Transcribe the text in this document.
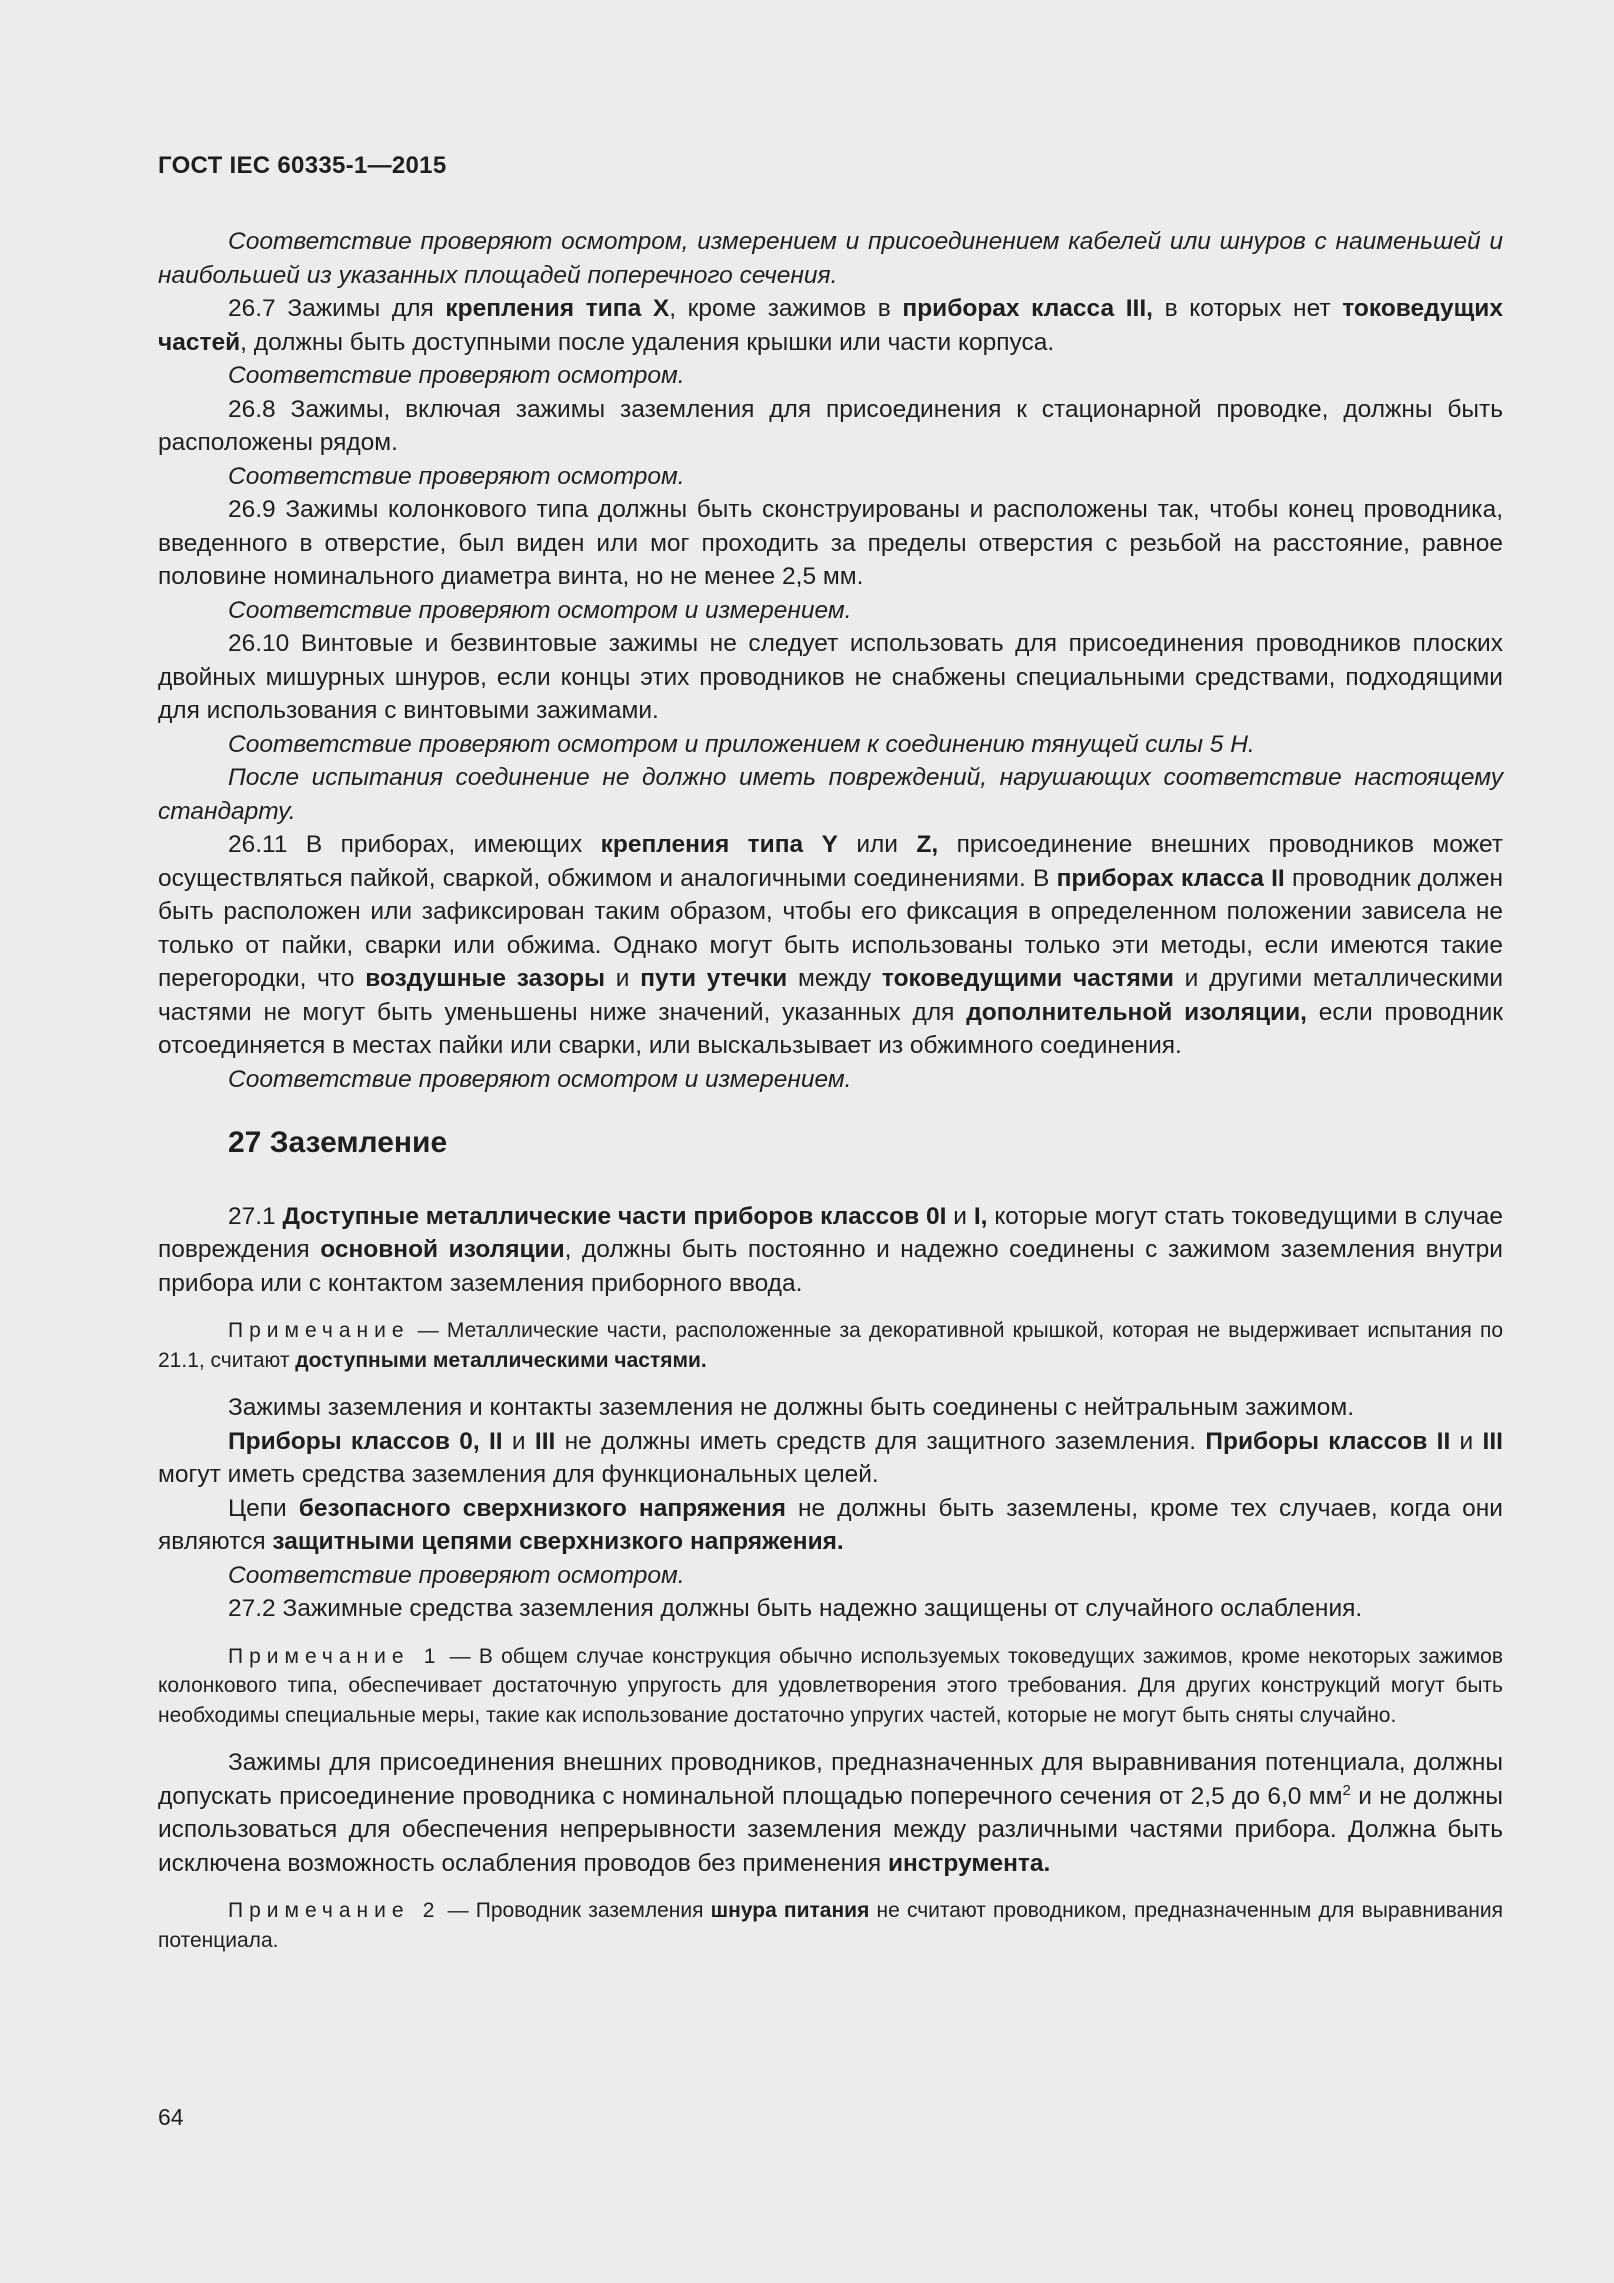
ГОСТ IEC 60335-1—2015

Соответствие проверяют осмотром, измерением и присоединением кабелей или шнуров с наименьшей и наибольшей из указанных площадей поперечного сечения.

26.7 Зажимы для крепления типа X, кроме зажимов в приборах класса III, в которых нет токоведущих частей, должны быть доступными после удаления крышки или части корпуса.

Соответствие проверяют осмотром.

26.8 Зажимы, включая зажимы заземления для присоединения к стационарной проводке, должны быть расположены рядом.

Соответствие проверяют осмотром.

26.9 Зажимы колонкового типа должны быть сконструированы и расположены так, чтобы конец проводника, введенного в отверстие, был виден или мог проходить за пределы отверстия с резьбой на расстояние, равное половине номинального диаметра винта, но не менее 2,5 мм.

Соответствие проверяют осмотром и измерением.

26.10 Винтовые и безвинтовые зажимы не следует использовать для присоединения проводников плоских двойных мишурных шнуров, если концы этих проводников не снабжены специальными средствами, подходящими для использования с винтовыми зажимами.

Соответствие проверяют осмотром и приложением к соединению тянущей силы 5 Н.

После испытания соединение не должно иметь повреждений, нарушающих соответствие настоящему стандарту.

26.11 В приборах, имеющих крепления типа Y или Z, присоединение внешних проводников может осуществляться пайкой, сваркой, обжимом и аналогичными соединениями. В приборах класса II проводник должен быть расположен или зафиксирован таким образом, чтобы его фиксация в определенном положении зависела не только от пайки, сварки или обжима. Однако могут быть использованы только эти методы, если имеются такие перегородки, что воздушные зазоры и пути утечки между токоведущими частями и другими металлическими частями не могут быть уменьшены ниже значений, указанных для дополнительной изоляции, если проводник отсоединяется в местах пайки или сварки, или выскальзывает из обжимного соединения.

Соответствие проверяют осмотром и измерением.

27 Заземление

27.1 Доступные металлические части приборов классов 0I и I, которые могут стать токоведущими в случае повреждения основной изоляции, должны быть постоянно и надежно соединены с зажимом заземления внутри прибора или с контактом заземления приборного ввода.

Примечание — Металлические части, расположенные за декоративной крышкой, которая не выдерживает испытания по 21.1, считают доступными металлическими частями.

Зажимы заземления и контакты заземления не должны быть соединены с нейтральным зажимом.

Приборы классов 0, II и III не должны иметь средств для защитного заземления. Приборы классов II и III могут иметь средства заземления для функциональных целей.

Цепи безопасного сверхнизкого напряжения не должны быть заземлены, кроме тех случаев, когда они являются защитными цепями сверхнизкого напряжения.

Соответствие проверяют осмотром.

27.2 Зажимные средства заземления должны быть надежно защищены от случайного ослабления.

Примечание 1 — В общем случае конструкция обычно используемых токоведущих зажимов, кроме некоторых зажимов колонкового типа, обеспечивает достаточную упругость для удовлетворения этого требования. Для других конструкций могут быть необходимы специальные меры, такие как использование достаточно упругих частей, которые не могут быть сняты случайно.

Зажимы для присоединения внешних проводников, предназначенных для выравнивания потенциала, должны допускать присоединение проводника с номинальной площадью поперечного сечения от 2,5 до 6,0 $мм^2$ и не должны использоваться для обеспечения непрерывности заземления между различными частями прибора. Должна быть исключена возможность ослабления проводов без применения инструмента.

Примечание 2 — Проводник заземления шнура питания не считают проводником, предназначенным для выравнивания потенциала.

64
